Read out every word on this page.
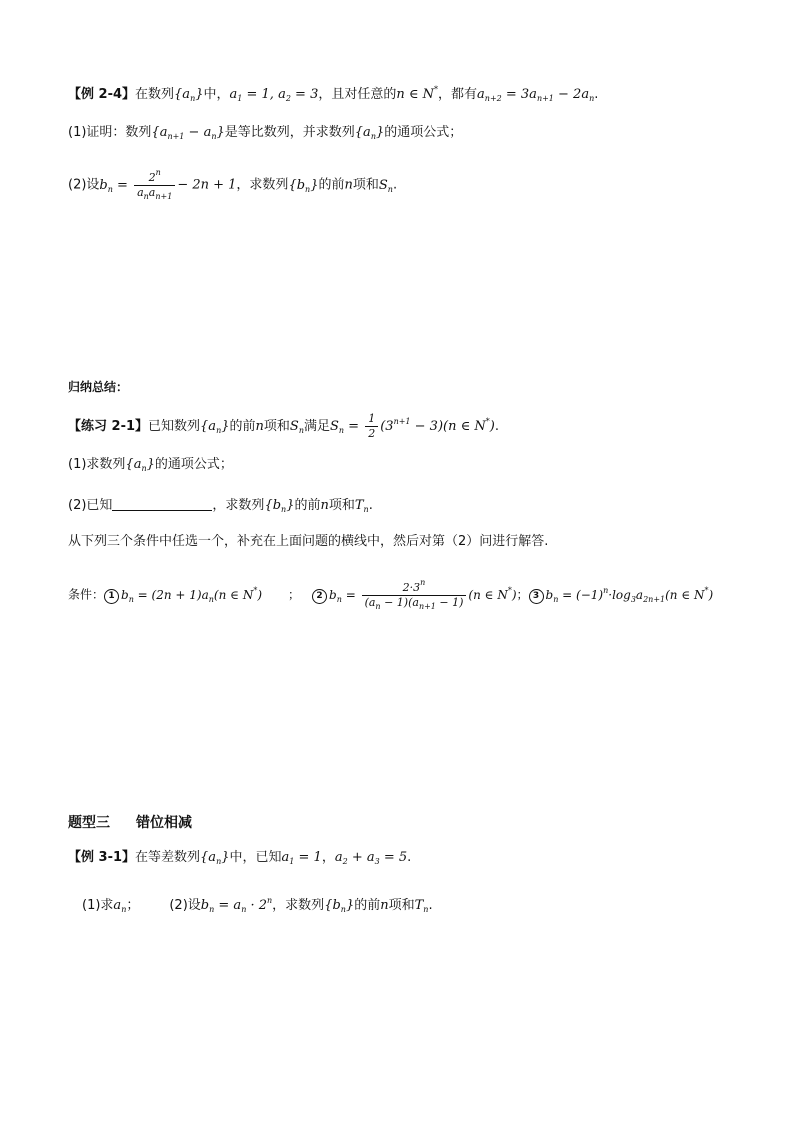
【例 2-4】在数列$\{a_n\}$中，$a_1 = 1$, $a_2 = 3$，且对任意的n ∈ N*，都有$a_{n+2} = 3a_{n+1} - 2a_n$.
(1)证明：数列$\{a_{n+1} - a_n\}$是等比数列，并求数列$\{a_n\}$的通项公式；
(2)设$b_n = \frac{2^n}{a_na_{n+1}} - 2n + 1$，求数列$\{b_n\}$的前n项和$S_n$.
归纳总结：
【练习 2-1】已知数列$\{a_n\}$的前n项和$S_n$满足$S_n = \frac{1}{2} (3^{n+1} - 3)(n$ ∈ N*).
(1)求数列$\{a_n\}$的通项公式；
(2)已知	，求数列$\{b_n\}$的前n项和$T_n$.
从下列三个条件中任选一个，补充在上面问题的横线中，然后对第（2）问进行解答.
条件： 1 $b_n = (2n + 1)a_n(n$ ∈ N*) ； 2 $b_n = \frac{2\cdot 3^n}{(a_n - 1)(a_{n+1} - 1)} (n$ ∈ N*)； 3 $b_n = (-1)^n\cdot\log_3a_{2n+1}(n$ ∈ N*)
题型三 错位相减
【例 3-1】在等差数列$\{a_n\}$中，已知$a_1 = 1$，$a_2 + a_3 = 5$.
(1)求$a_n$； (2)设$b_n = a_n \cdot 2^n$，求数列$\{b_n\}$的前n项和$T_n$.
